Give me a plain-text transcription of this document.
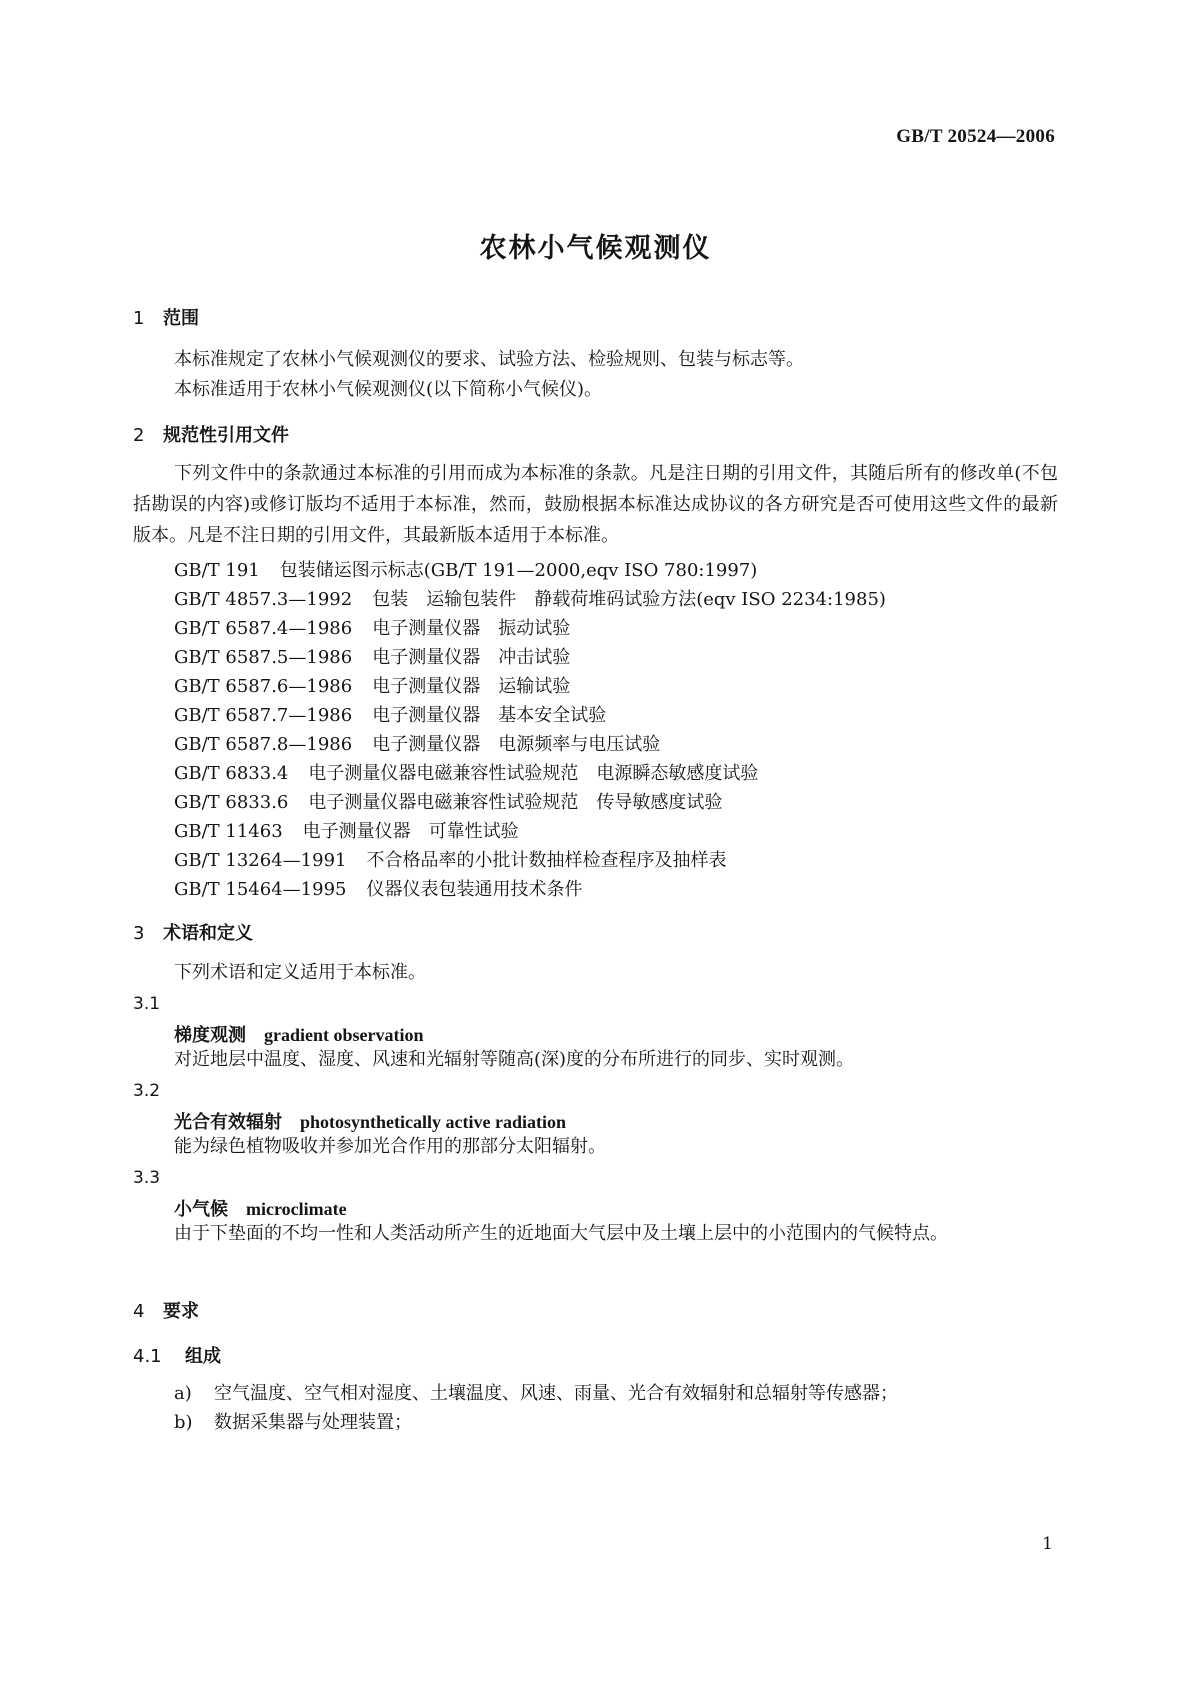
GB/T 20524—2006
农林小气候观测仪
1 范围
本标准规定了农林小气候观测仪的要求、试验方法、检验规则、包装与标志等。
本标准适用于农林小气候观测仪(以下简称小气候仪)。
2 规范性引用文件
下列文件中的条款通过本标准的引用而成为本标准的条款。凡是注日期的引用文件，其随后所有的修改单(不包括勘误的内容)或修订版均不适用于本标准，然而，鼓励根据本标准达成协议的各方研究是否可使用这些文件的最新版本。凡是不注日期的引用文件，其最新版本适用于本标准。
GB/T 191 包装储运图示标志(GB/T 191—2000,eqv ISO 780:1997)
GB/T 4857.3—1992 包装　运输包装件　静载荷堆码试验方法(eqv ISO 2234:1985)
GB/T 6587.4—1986 电子测量仪器　振动试验
GB/T 6587.5—1986 电子测量仪器　冲击试验
GB/T 6587.6—1986 电子测量仪器　运输试验
GB/T 6587.7—1986 电子测量仪器　基本安全试验
GB/T 6587.8—1986 电子测量仪器　电源频率与电压试验
GB/T 6833.4 电子测量仪器电磁兼容性试验规范　电源瞬态敏感度试验
GB/T 6833.6 电子测量仪器电磁兼容性试验规范　传导敏感度试验
GB/T 11463 电子测量仪器　可靠性试验
GB/T 13264—1991 不合格品率的小批计数抽样检查程序及抽样表
GB/T 15464—1995 仪器仪表包装通用技术条件
3 术语和定义
下列术语和定义适用于本标准。
3.1
梯度观测 gradient observation
对近地层中温度、湿度、风速和光辐射等随高(深)度的分布所进行的同步、实时观测。
3.2
光合有效辐射 photosynthetically active radiation
能为绿色植物吸收并参加光合作用的那部分太阳辐射。
3.3
小气候 microclimate
由于下垫面的不均一性和人类活动所产生的近地面大气层中及土壤上层中的小范围内的气候特点。
4 要求
4.1 组成
a) 空气温度、空气相对湿度、土壤温度、风速、雨量、光合有效辐射和总辐射等传感器；
b) 数据采集器与处理装置；
1
